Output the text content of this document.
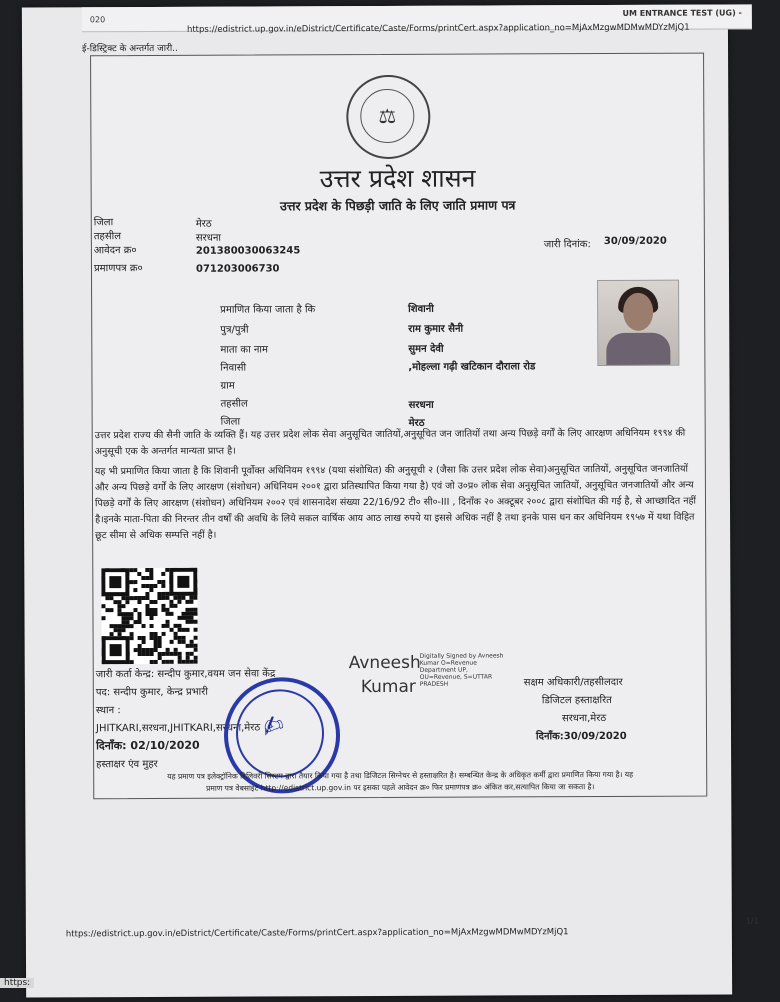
020
UM ENTRANCE TEST (UG) -
https://edistrict.up.gov.in/eDistrict/Certificate/Caste/Forms/printCert.aspx?application_no=MjAxMzgwMDMwMDYzMjQ1
ई-डिस्ट्रिक्ट के अन्तर्गत जारी..
⚖
उत्तर प्रदेश शासन
उत्तर प्रदेश के पिछड़ी जाति के लिए जाति प्रमाण पत्र
जिला	मेरठ
तहसील	सरधना
आवेदन क्र०	201380030063245
प्रमाणपत्र क्र०	071203006730
जारी दिनांक: 30/09/2020
प्रमाणित किया जाता है कि	शिवानी
पुत्र/पुत्री	राम कुमार सैनी
माता का नाम	सुमन देवी
निवासी	,मोहल्ला गढ़ी खटिकान दौराला रोड
ग्राम
तहसील	सरधना
जिला	मेरठ
उत्तर प्रदेश राज्य की सैनी जाति के व्यक्ति हैं। यह उत्तर प्रदेश लोक सेवा अनुसूचित जातियों,अनुसूचित जन जातियों तथा अन्य पिछड़े वर्गों के लिए आरक्षण अधिनियम १९९४ की अनुसूची एक के अन्तर्गत मान्यता प्राप्त है।
यह भी प्रमाणित किया जाता है कि शिवानी पूर्वोक्त अधिनियम १९९४ (यथा संशोधित) की अनुसूची २ (जैसा कि उत्तर प्रदेश लोक सेवा)अनुसूचित जातियों, अनुसूचित जनजातियों और अन्य पिछड़े वर्गों के लिए आरक्षण (संशोधन) अधिनियम २००१ द्वारा प्रतिस्थापित किया गया है) एवं जो उ०प्र० लोक सेवा अनुसूचित जातियों, अनुसूचित जनजातियों और अन्य पिछड़े वर्गों के लिए आरक्षण (संशोधन) अधिनियम २००२ एवं शासनादेश संख्या 22/16/92 टी० सी०-III , दिनाँक २० अक्टूबर २००८ द्वारा संशोधित की गई है, से आच्छादित नहीं है।इनके माता-पिता की निरन्तर तीन वर्षों की अवधि के लिये सकल वार्षिक आय आठ लाख रुपये या इससे अधिक नहीं है तथा इनके पास धन कर अधिनियम १९५७ में यथा विहित छूट सीमा से अधिक सम्पत्ति नहीं है।
जारी कर्ता केन्द्र: सन्दीप कुमार,वयम जन सेवा केंद्र
पद: सन्दीप कुमार, केन्द्र प्रभारी
स्थान :
JHITKARI,सरधना,JHITKARI,सरधना,मेरठ
दिनाँक: 02/10/2020
हस्ताक्षर एंव मुहर
✍
Avneesh
Kumar
Digitally Signed by Avneesh Kumar O=Revenue Department UP, OU=Revenue, S=UTTAR PRADESH	सक्षम अधिकारी/तहसीलदार
डिजिटल हस्ताक्षरित
सरधना,मेरठ
दिनाँक:30/09/2020
यह प्रमाण पत्र इलेक्ट्रॉनिक डिलिवरी सिस्टम द्वारा तैयार किया गया है तथा डिजिटल सिग्नेचर से हस्ताक्षरित है। सम्बन्धित केन्द्र के अधिकृत कर्मी द्वारा प्रमाणित किया गया है। यह
प्रमाण पत्र वेबसाइट http://edistrict.up.gov.in पर इसका पहले आवेदन क्र० फिर प्रमाणपत्र क्र० अंकित कर,सत्यापित किया जा सकता है।
https://edistrict.up.gov.in/eDistrict/Certificate/Caste/Forms/printCert.aspx?application_no=MjAxMzgwMDMwMDYzMjQ1
1/1
https:
